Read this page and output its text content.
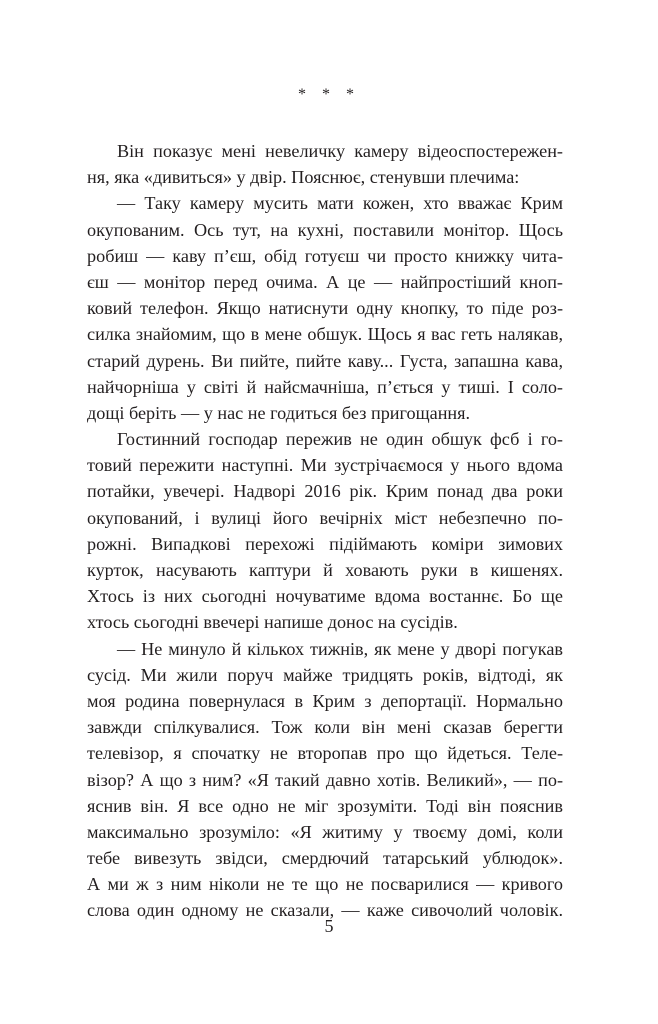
* * *
Він показує мені невеличку камеру відеоспостережен-
ня, яка «дивиться» у двір. Пояснює, стенувши плечима:
— Таку камеру мусить мати кожен, хто вважає Крим
окупованим. Ось тут, на кухні, поставили монітор. Щось
робиш — каву п’єш, обід готуєш чи просто книжку чита-
єш — монітор перед очима. А це — найпростіший кноп-
ковий телефон. Якщо натиснути одну кнопку, то піде роз-
силка знайомим, що в мене обшук. Щось я вас геть налякав,
старий дурень. Ви пийте, пийте каву... Густа, запашна кава,
найчорніша у світі й найсмачніша, п’ється у тиші. І соло-
дощі беріть — у нас не годиться без пригощання.
Гостинний господар пережив не один обшук фсб і го-
товий пережити наступні. Ми зустрічаємося у нього вдома
потайки, увечері. Надворі 2016 рік. Крим понад два роки
окупований, і вулиці його вечірніх міст небезпечно по-
рожні. Випадкові перехожі підіймають коміри зимових
курток, насувають каптури й ховають руки в кишенях.
Хтось із них сьогодні ночуватиме вдома востаннє. Бо ще
хтось сьогодні ввечері напише донос на сусідів.
— Не минуло й кількох тижнів, як мене у дворі погукав
сусід. Ми жили поруч майже тридцять років, відтоді, як
моя родина повернулася в Крим з депортації. Нормально
завжди спілкувалися. Тож коли він мені сказав берегти
телевізор, я спочатку не второпав про що йдеться. Теле-
візор? А що з ним? «Я такий давно хотів. Великий», — по-
яснив він. Я все одно не міг зрозуміти. Тоді він пояснив
максимально зрозуміло: «Я житиму у твоєму домі, коли
тебе вивезуть звідси, смердючий татарський ублюдок».
А ми ж з ним ніколи не те що не посварилися — кривого
слова один одному не сказали, — каже сивочолий чоловік.
5
